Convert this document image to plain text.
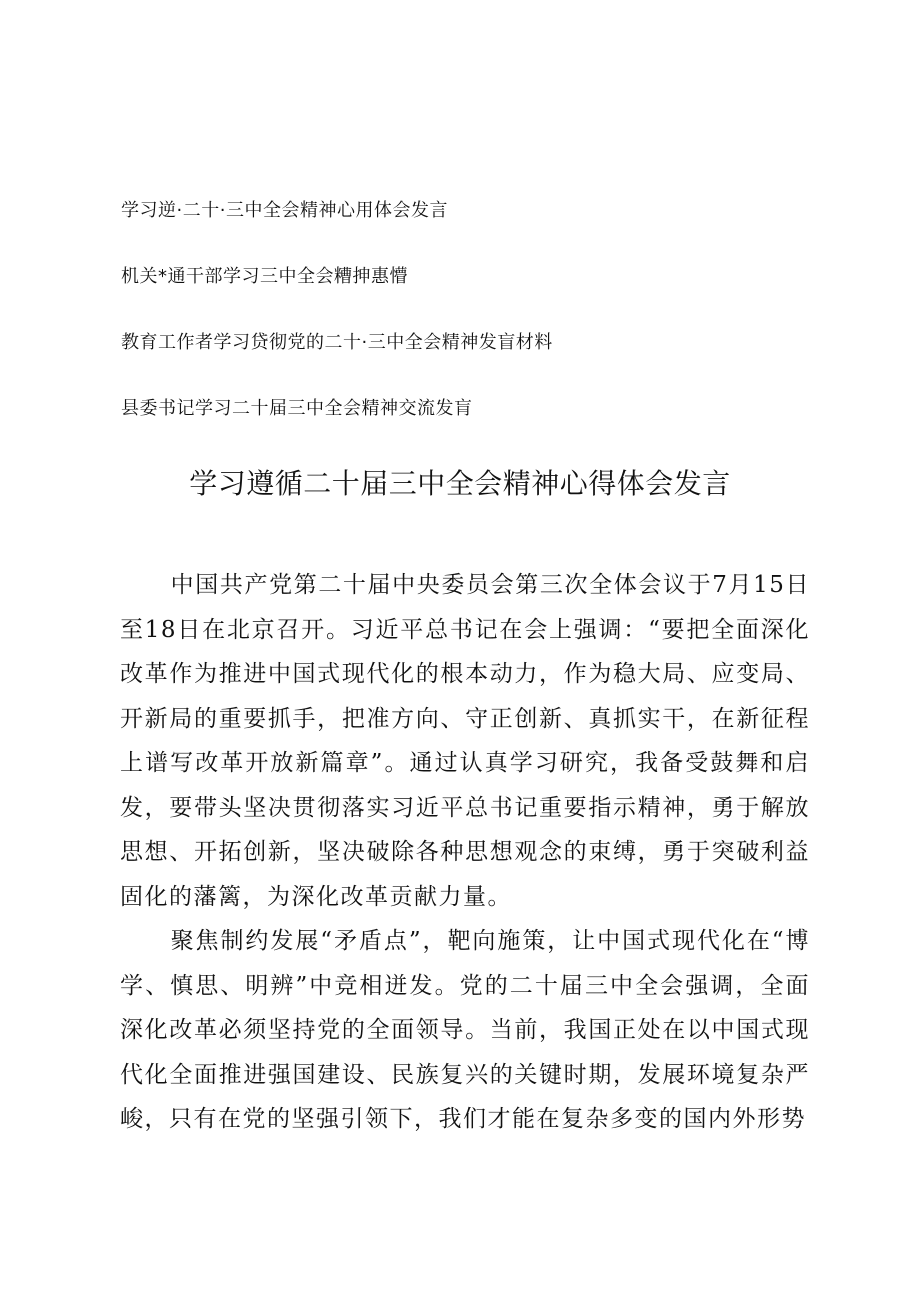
学习逆·二十·三中全会精神心用体会发言
机关*通干部学习三中全会糟抻惠懵
教育工作者学习贷彻党的二十·三中全会精神发盲材料
县委书记学习二十届三中全会精神交流发肓
学习遵循二十届三中全会精神心得体会发言

中国共产党第二十届中央委员会第三次全体会议于7月15日至18日在北京召开。习近平总书记在会上强调：“要把全面深化改革作为推进中国式现代化的根本动力，作为稳大局、应变局、开新局的重要抓手，把准方向、守正创新、真抓实干，在新征程上谱写改革开放新篇章”。通过认真学习研究，我备受鼓舞和启发，要带头坚决贯彻落实习近平总书记重要指示精神，勇于解放思想、开拓创新，坚决破除各种思想观念的束缚，勇于突破利益固化的藩篱，为深化改革贡献力量。

聚焦制约发展“矛盾点”，靶向施策，让中国式现代化在“博学、慎思、明辨”中竞相迸发。党的二十届三中全会强调，全面深化改革必须坚持党的全面领导。当前，我国正处在以中国式现代化全面推进强国建设、民族复兴的关键时期，发展环境复杂严峻，只有在党的坚强引领下，我们才能在复杂多变的国内外形势
